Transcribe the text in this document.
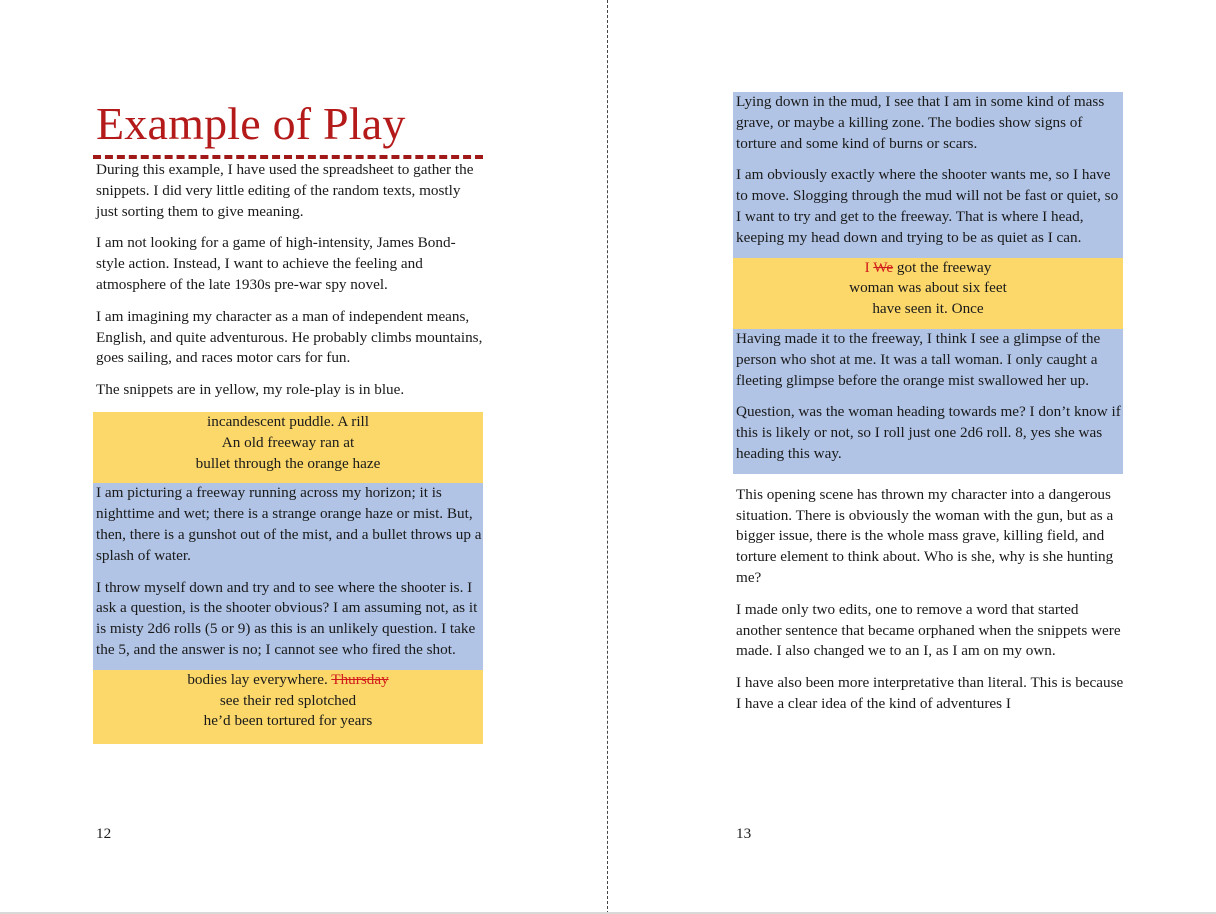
Example of Play

During this example, I have used the spreadsheet to gather the snippets. I did very little editing of the random texts, mostly just sorting them to give meaning.

I am not looking for a game of high-intensity, James Bond-style action. Instead, I want to achieve the feeling and atmosphere of the late 1930s pre-war spy novel.

I am imagining my character as a man of independent means, English, and quite adventurous. He probably climbs mountains, goes sailing, and races motor cars for fun.

The snippets are in yellow, my role-play is in blue.

incandescent puddle. A rill
An old freeway ran at
bullet through the orange haze

I am picturing a freeway running across my horizon; it is nighttime and wet; there is a strange orange haze or mist. But, then, there is a gunshot out of the mist, and a bullet throws up a splash of water.

I throw myself down and try and to see where the shooter is. I ask a question, is the shooter obvious? I am assuming not, as it is misty 2d6 rolls (5 or 9) as this is an unlikely question. I take the 5, and the answer is no; I cannot see who fired the shot.

bodies lay everywhere. Thursday
see their red splotched
he’d been tortured for years
12

Lying down in the mud, I see that I am in some kind of mass grave, or maybe a killing zone. The bodies show signs of torture and some kind of burns or scars.

I am obviously exactly where the shooter wants me, so I have to move. Slogging through the mud will not be fast or quiet, so I want to try and get to the freeway. That is where I head, keeping my head down and trying to be as quiet as I can.

I We got the freeway
woman was about six feet
have seen it. Once

Having made it to the freeway, I think I see a glimpse of the person who shot at me. It was a tall woman. I only caught a fleeting glimpse before the orange mist swallowed her up.

Question, was the woman heading towards me? I don’t know if this is likely or not, so I roll just one 2d6 roll. 8, yes she was heading this way.

This opening scene has thrown my character into a dangerous situation. There is obviously the woman with the gun, but as a bigger issue, there is the whole mass grave, killing field, and torture element to think about. Who is she, why is she hunting me?

I made only two edits, one to remove a word that started another sentence that became orphaned when the snippets were made. I also changed we to an I, as I am on my own.

I have also been more interpretative than literal. This is because I have a clear idea of the kind of adventures I

13
